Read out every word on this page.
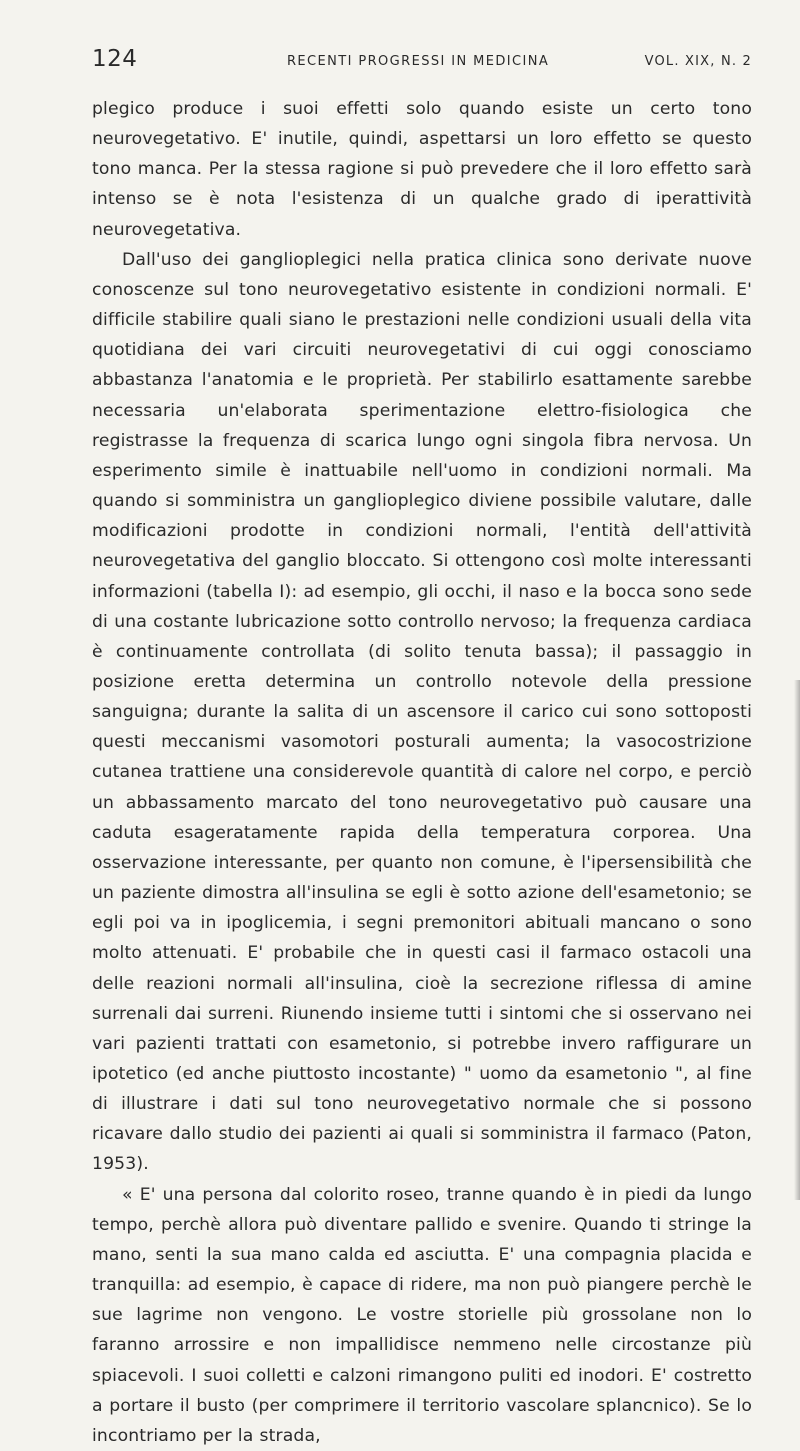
124	RECENTI PROGRESSI IN MEDICINA	VOL. XIX, N. 2

plegico produce i suoi effetti solo quando esiste un certo tono neurovegetativo. E' inutile, quindi, aspettarsi un loro effetto se questo tono manca. Per la stessa ragione si può prevedere che il loro effetto sarà intenso se è nota l'esistenza di un qualche grado di iperattività neurovegetativa.

Dall'uso dei ganglioplegici nella pratica clinica sono derivate nuove conoscenze sul tono neurovegetativo esistente in condizioni normali. E' difficile stabilire quali siano le prestazioni nelle condizioni usuali della vita quotidiana dei vari circuiti neurovegetativi di cui oggi conosciamo abbastanza l'anatomia e le proprietà. Per stabilirlo esattamente sarebbe necessaria un'elaborata sperimentazione elettro-fisiologica che registrasse la frequenza di scarica lungo ogni singola fibra nervosa. Un esperimento simile è inattuabile nell'uomo in condizioni normali. Ma quando si somministra un ganglioplegico diviene possibile valutare, dalle modificazioni prodotte in condizioni normali, l'entità dell'attività neurovegetativa del ganglio bloccato. Si ottengono così molte interessanti informazioni (tabella I): ad esempio, gli occhi, il naso e la bocca sono sede di una costante lubricazione sotto controllo nervoso; la frequenza cardiaca è continuamente controllata (di solito tenuta bassa); il passaggio in posizione eretta determina un controllo notevole della pressione sanguigna; durante la salita di un ascensore il carico cui sono sottoposti questi meccanismi vasomotori posturali aumenta; la vasocostrizione cutanea trattiene una considerevole quantità di calore nel corpo, e perciò un abbassamento marcato del tono neurovegetativo può causare una caduta esageratamente rapida della temperatura corporea. Una osservazione interessante, per quanto non comune, è l'ipersensibilità che un paziente dimostra all'insulina se egli è sotto azione dell'esametonio; se egli poi va in ipoglicemia, i segni premonitori abituali mancano o sono molto attenuati. E' probabile che in questi casi il farmaco ostacoli una delle reazioni normali all'insulina, cioè la secrezione riflessa di amine surrenali dai surreni. Riunendo insieme tutti i sintomi che si osservano nei vari pazienti trattati con esametonio, si potrebbe invero raffigurare un ipotetico (ed anche piuttosto incostante) " uomo da esametonio ", al fine di illustrare i dati sul tono neurovegetativo normale che si possono ricavare dallo studio dei pazienti ai quali si somministra il farmaco (Paton, 1953).

« E' una persona dal colorito roseo, tranne quando è in piedi da lungo tempo, perchè allora può diventare pallido e svenire. Quando ti stringe la mano, senti la sua mano calda ed asciutta. E' una compagnia placida e tranquilla: ad esempio, è capace di ridere, ma non può piangere perchè le sue lagrime non vengono. Le vostre storielle più grossolane non lo faranno arrossire e non impallidisce nemmeno nelle circostanze più spiacevoli. I suoi colletti e calzoni rimangono puliti ed inodori. E' costretto a portare il busto (per comprimere il territorio vascolare splancnico). Se lo incontriamo per la strada,
